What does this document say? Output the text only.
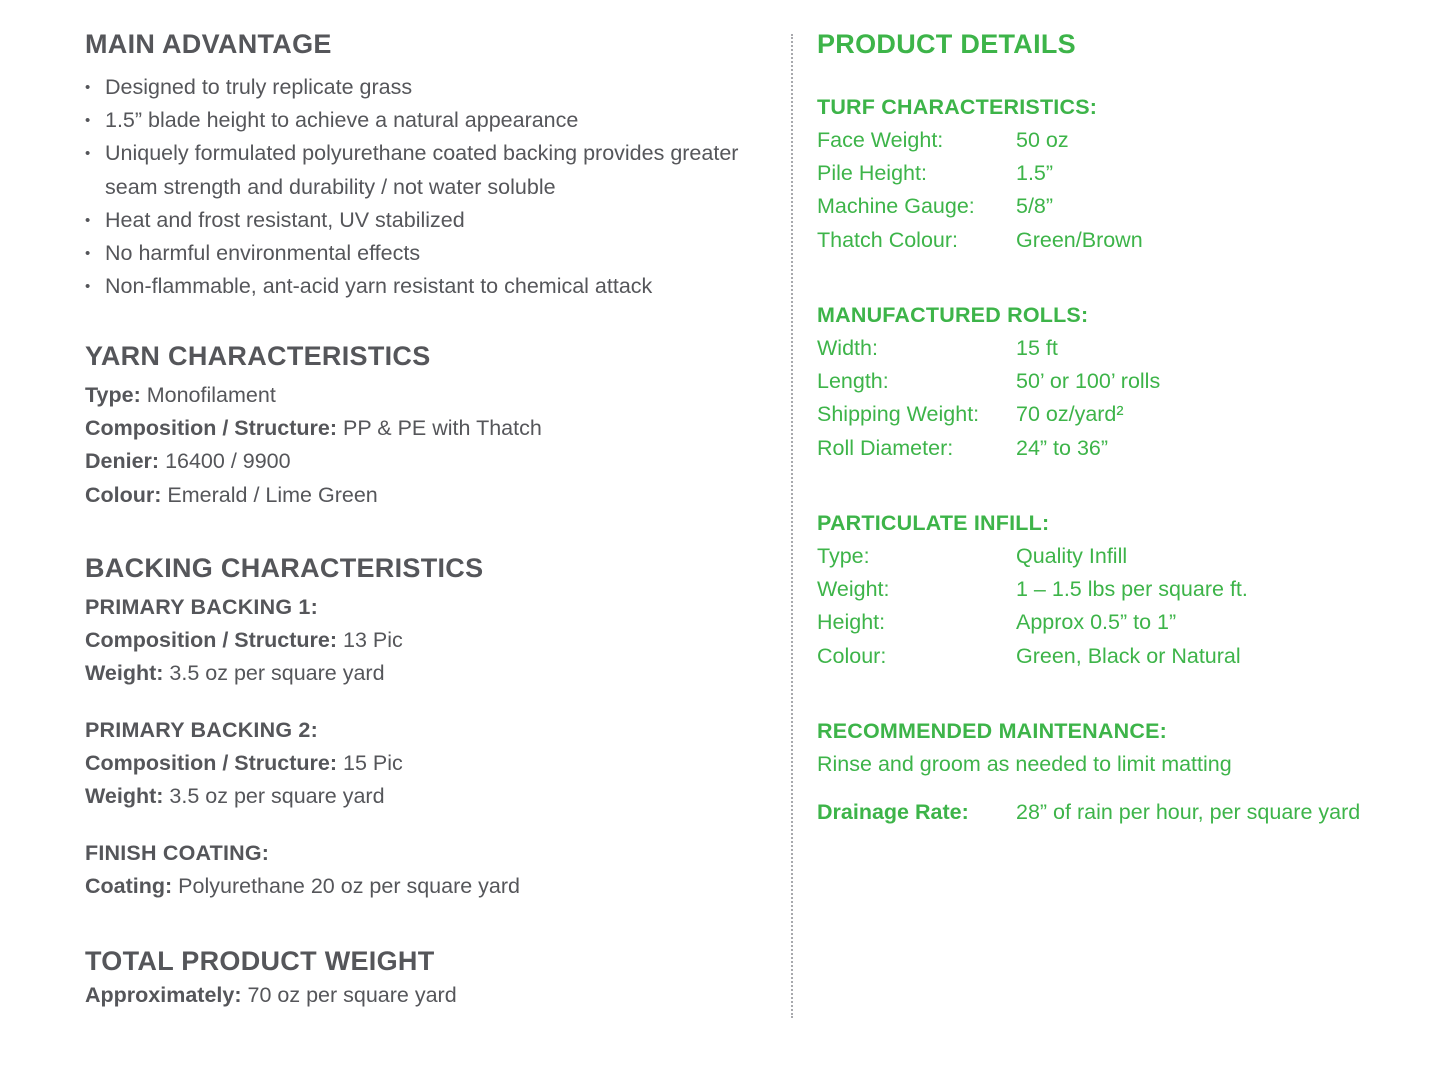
MAIN ADVANTAGE
• Designed to truly replicate grass
• 1.5” blade height to achieve a natural appearance
• Uniquely formulated polyurethane coated backing provides greater seam strength and durability / not water soluble
• Heat and frost resistant, UV stabilized
• No harmful environmental effects
• Non-flammable, ant-acid yarn resistant to chemical attack
YARN CHARACTERISTICS
Type: Monofilament
Composition / Structure: PP & PE with Thatch
Denier: 16400 / 9900
Colour: Emerald / Lime Green
BACKING CHARACTERISTICS
PRIMARY BACKING 1:
Composition / Structure: 13 Pic
Weight: 3.5 oz per square yard
PRIMARY BACKING 2:
Composition / Structure: 15 Pic
Weight: 3.5 oz per square yard
FINISH COATING:
Coating: Polyurethane 20 oz per square yard
TOTAL PRODUCT WEIGHT
Approximately: 70 oz per square yard
PRODUCT DETAILS
TURF CHARACTERISTICS:
Face Weight:	50 oz
Pile Height:	1.5”
Machine Gauge: 5/8”
Thatch Colour:	Green/Brown
MANUFACTURED ROLLS:
Width:	15 ft
Length:	50’ or 100’ rolls
Shipping Weight: 70 oz/yard²
Roll Diameter:	24” to 36”
PARTICULATE INFILL:
Type:	Quality Infill
Weight:	1 – 1.5 lbs per square ft.
Height:	Approx 0.5” to 1”
Colour:	Green, Black or Natural
RECOMMENDED MAINTENANCE:
Rinse and groom as needed to limit matting
Drainage Rate: 28” of rain per hour, per square yard
